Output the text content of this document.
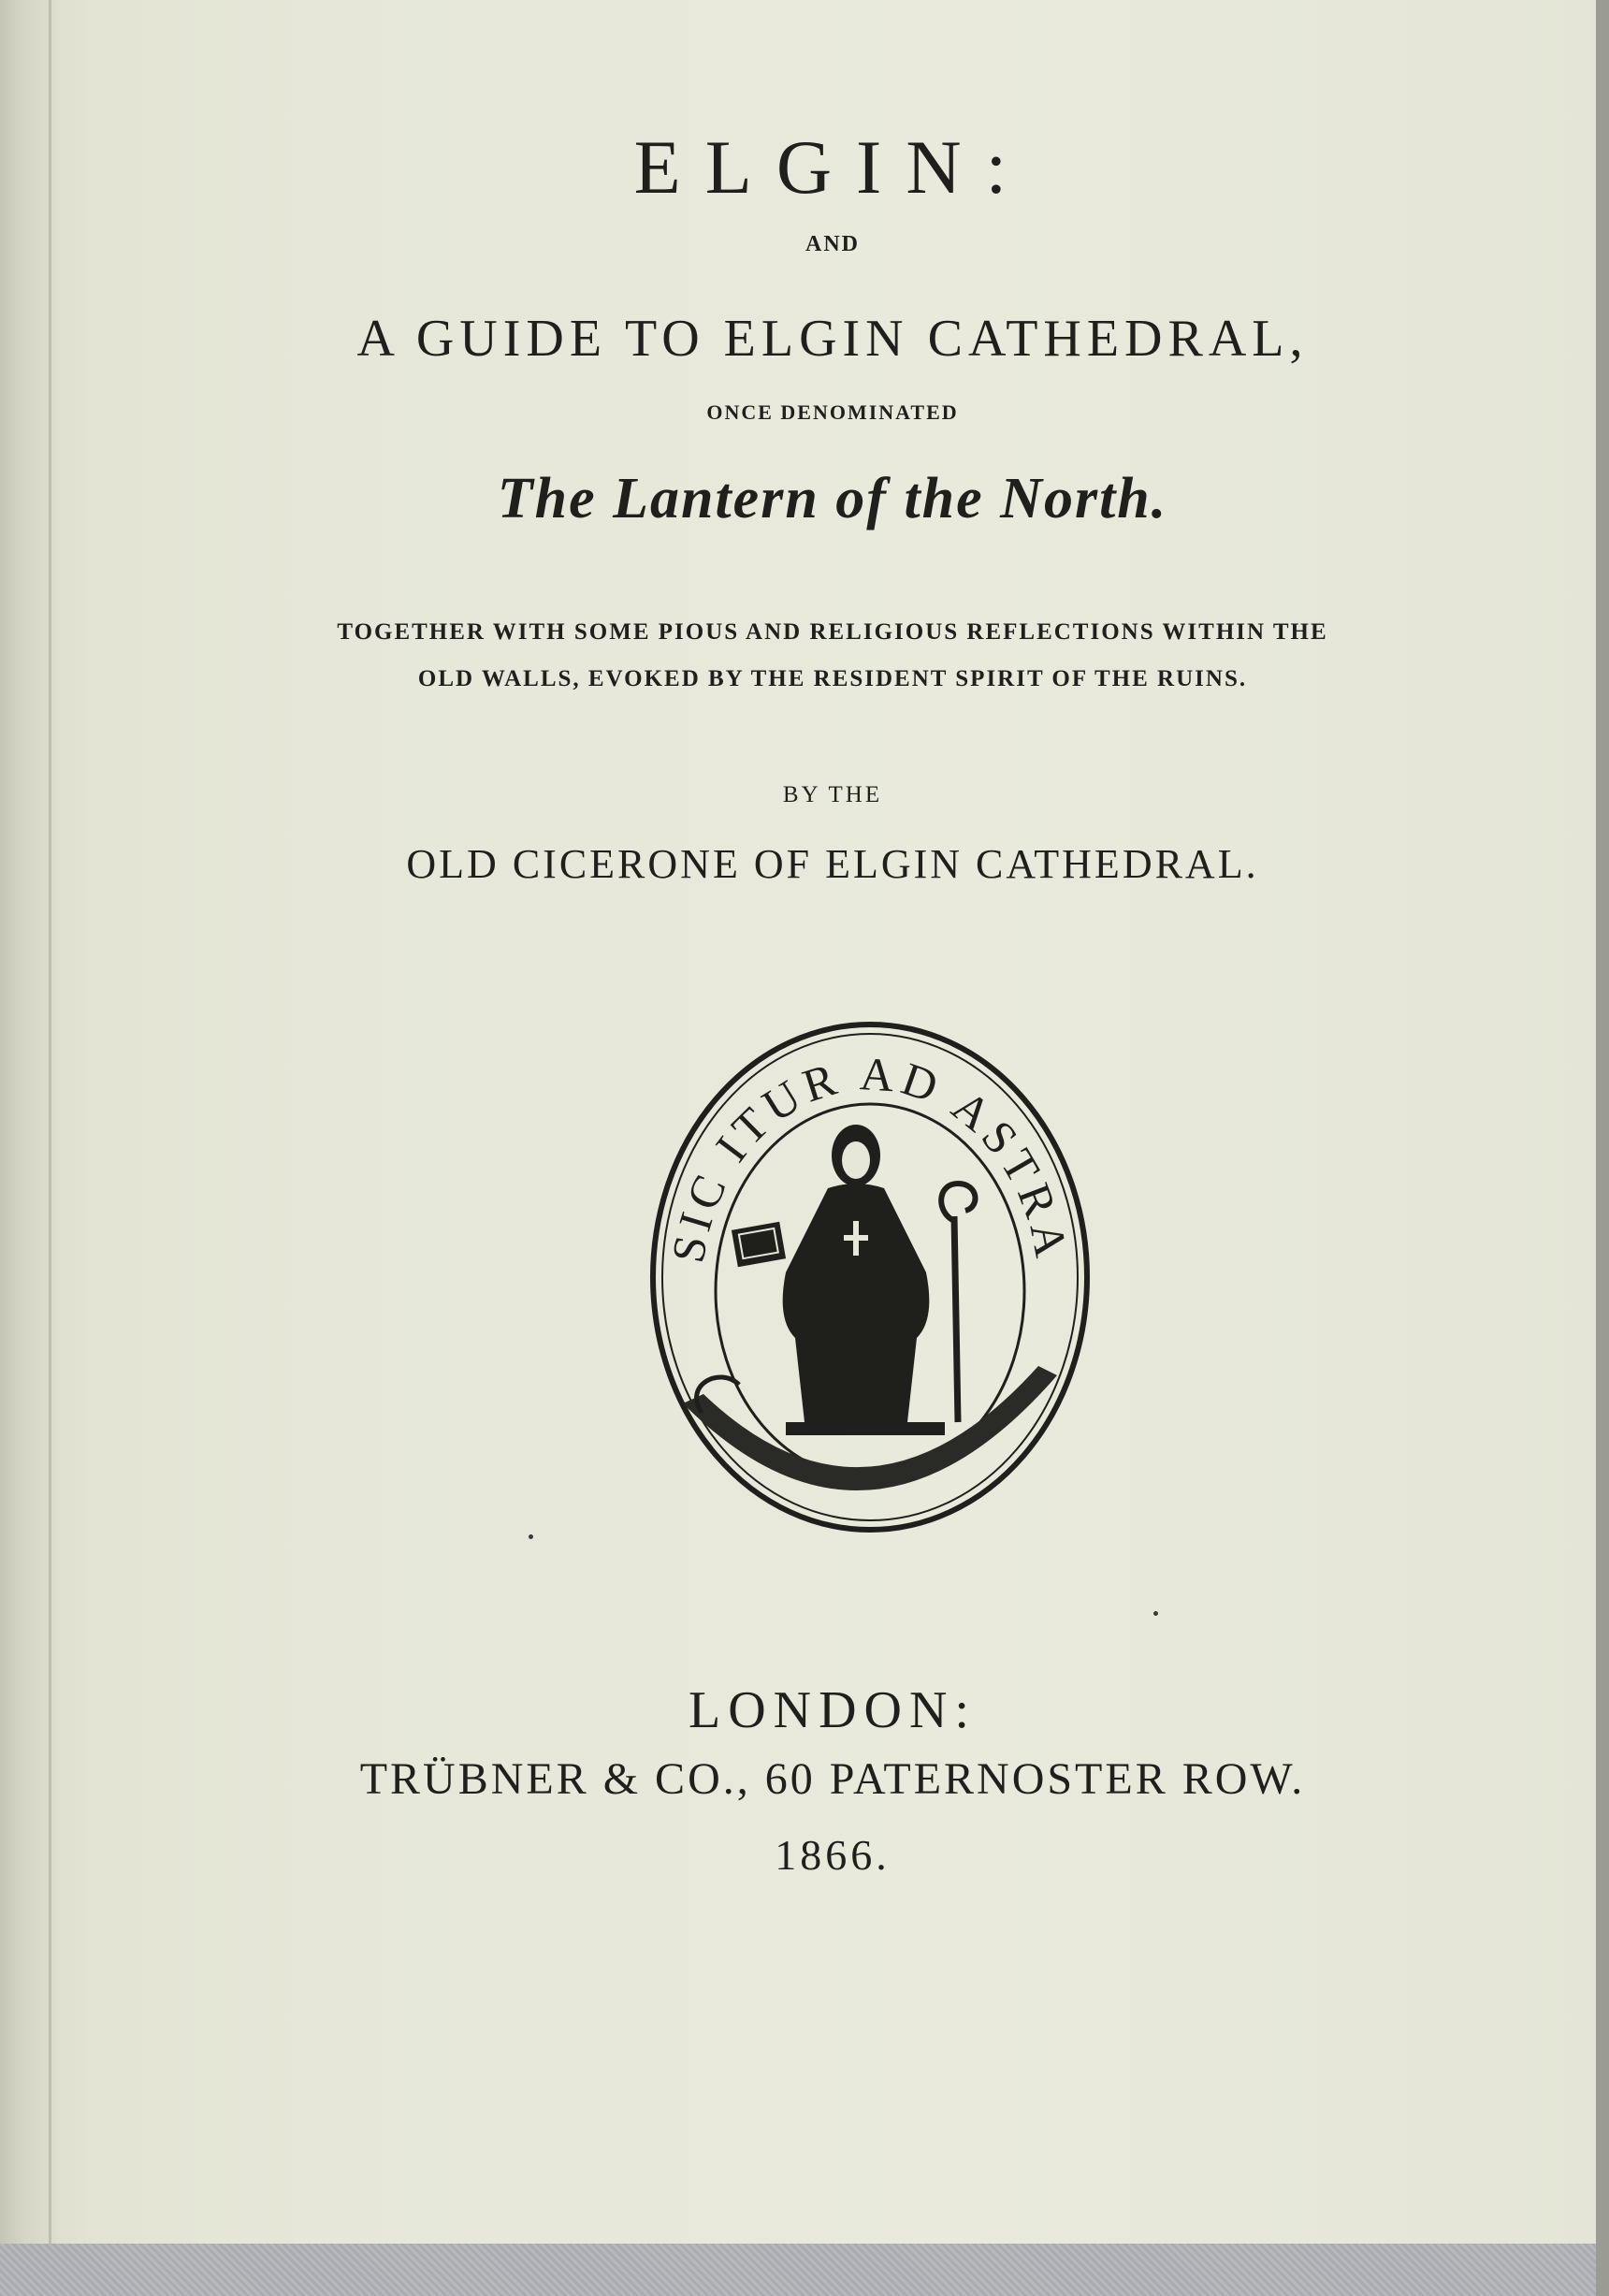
ELGIN:

AND

A GUIDE TO ELGIN CATHEDRAL,

ONCE DENOMINATED

The Lantern of the North.

TOGETHER WITH SOME PIOUS AND RELIGIOUS REFLECTIONS WITHIN THE

OLD WALLS, EVOKED BY THE RESIDENT SPIRIT OF THE RUINS.

BY THE

OLD CICERONE OF ELGIN CATHEDRAL.

SIC ITUR AD ASTRA

LONDON:

TRÜBNER & CO., 60 PATERNOSTER ROW.

1866.
